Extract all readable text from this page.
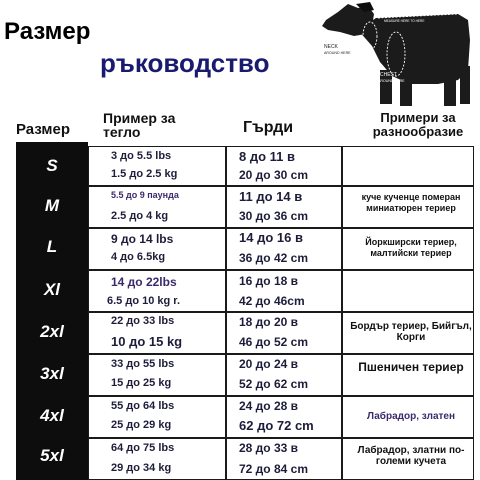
Размер
ръководство
Гръб
MEASURE HERE TO HERE
NECK
AROUND HERE
CHEST
AROUND HERE
Размер
Пример за тегло	Гърди
Примери за разнообразие
S
M
L
Xl
2xl
3xl
4xl
5xl
3 до 5.5 lbs
1.5 до 2.5 kg
8 до 11 в
20 до 30 cm
5.5 до 9 паунда
2.5 до 4 kg
11 до 14 в
30 до 36 cm
куче кученце померан миниатюрен териер
9 до 14 lbs
4 до 6.5kg
14 до 16 в
36 до 42 cm
Йоркширски териер, малтийски териер
14 до 22lbs
6.5 до 10 kg r.
16 до 18 в
42 до 46cm
22 до 33 lbs
10 до 15 kg
18 до 20 в
46 до 52 cm
Бордър териер, Бийгъл, Корги
33 до 55 lbs
15 до 25 kg
20 до 24 в
52 до 62 cm
Пшеничен териер
55 до 64 lbs
25 до 29 kg
24 до 28 в
62 до 72 cm
Лабрадор, златен
64 до 75 lbs
29 до 34 kg
28 до 33 в
72 до 84 cm
Лабрадор, златни по-големи кучета
